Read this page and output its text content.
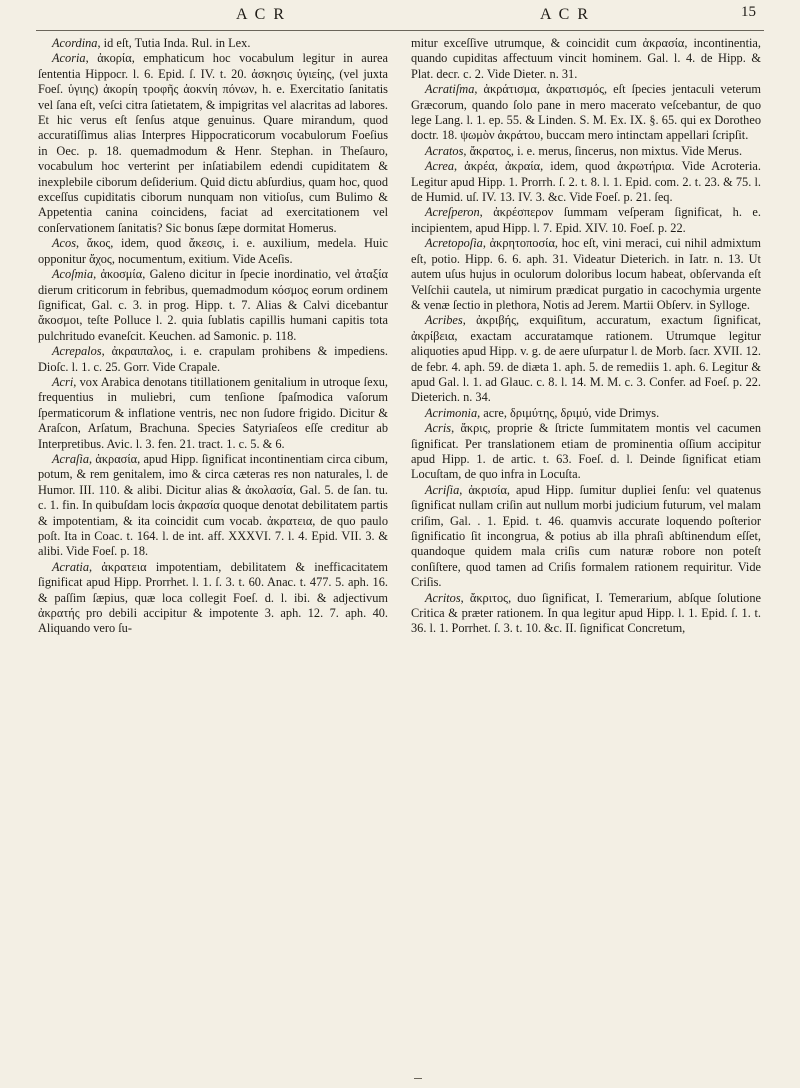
A C R	A C R	15

Acordina, id eſt, Tutia Inda. Rul. in Lex.

Acoria, ἀκορία, emphaticum hoc vocabulum legitur in aurea ſententia Hippocr. l. 6. Epid. ſ. IV. t. 20. ἀσκησις ὑγιείης, (vel juxta Foeſ. ὑγιης) ἀκορίη τροφῆς ἀοκνίη πόνων, h. e. Exercitatio ſanitatis vel ſana eſt, veſci citra ſatietatem, & impigritas vel alacritas ad labores. Et hic verus eſt ſenſus atque genuinus. Quare mirandum, quod accuratiſſimus alias Interpres Hippocraticorum vocabulorum Foeſius in Oec. p. 18. quemadmodum & Henr. Stephan. in Theſauro, vocabulum hoc verterint per inſatiabilem edendi cupiditatem & inexplebile ciborum deſiderium. Quid dictu abſurdius, quam hoc, quod exceſſus cupiditatis ciborum nunquam non vitioſus, cum Bulimo & Appetentia canina coincidens, faciat ad exercitationem vel conſervationem ſanitatis? Sic bonus ſæpe dormitat Homerus.

Acos, ἄκος, idem, quod ἄκεσις, i. e. auxilium, medela. Huic opponitur ἄχος, nocumentum, exitium. Vide Aceſis.

Acoſmia, ἀκοσμία, Galeno dicitur in ſpecie inordinatio, vel ἀταξία dierum criticorum in febribus, quemadmodum κόσμος eorum ordinem ſignificat, Gal. c. 3. in prog. Hipp. t. 7. Alias & Calvi dicebantur ἄκοσμοι, teſte Polluce l. 2. quia ſublatis capillis humani capitis tota pulchritudo evaneſcit. Keuchen. ad Samonic. p. 118.

Acrepalos, ἀκραιπαλος, i. e. crapulam prohibens & impediens. Dioſc. l. 1. c. 25. Gorr. Vide Crapale.

Acri, vox Arabica denotans titillationem genitalium in utroque ſexu, frequentius in muliebri, cum tenſione ſpaſmodica vaſorum ſpermaticorum & inflatione ventris, nec non ſudore frigido. Dicitur & Araſcon, Arſatum, Brachuna. Species Satyriaſeos eſſe creditur ab Interpretibus. Avic. l. 3. fen. 21. tract. 1. c. 5. & 6.

Acraſia, ἀκρασία, apud Hipp. ſignificat incontinentiam circa cibum, potum, & rem genitalem, imo & circa cæteras res non naturales, l. de Humor. III. 110. & alibi. Dicitur alias & ἀκολασία, Gal. 5. de ſan. tu. c. 1. fin. In quibuſdam locis ἀκρασία quoque denotat debilitatem partis & impotentiam, & ita coincidit cum vocab. ἀκρατεια, de quo paulo poſt. Ita in Coac. t. 164. l. de int. aff. XXXVI. 7. l. 4. Epid. VII. 3. & alibi. Vide Foeſ. p. 18.

Acratia, ἀκρατεια impotentiam, debilitatem & inefficacitatem ſignificat apud Hipp. Prorrhet. l. 1. ſ. 3. t. 60. Anac. t. 477. 5. aph. 16. & paſſim ſæpius, quæ loca collegit Foeſ. d. l. ibi. & adjectivum ἀκρατής pro debili accipitur & impotente 3. aph. 12. 7. aph. 40. Aliquando vero ſu-

mitur exceſſive utrumque, & coincidit cum ἀκρασία, incontinentia, quando cupiditas affectuum vincit hominem. Gal. l. 4. de Hipp. & Plat. decr. c. 2. Vide Dieter. n. 31.

Acratiſma, ἀκράτισμα, ἀκρατισμός, eſt ſpecies jentaculi veterum Græcorum, quando ſolo pane in mero macerato veſcebantur, de quo lege Lang. l. 1. ep. 55. & Linden. S. M. Ex. IX. §. 65. qui ex Dorotheo doctr. 18. ψωμὸν ἀκράτου, buccam mero intinctam appellari ſcripſit.

Acratos, ἄκρατος, i. e. merus, ſincerus, non mixtus. Vide Merus.

Acrea, ἀκρέα, ἀκραία, idem, quod ἀκρωτήρια. Vide Acroteria. Legitur apud Hipp. 1. Prorrh. ſ. 2. t. 8. l. 1. Epid. com. 2. t. 23. & 75. l. de Humid. uſ. IV. 13. IV. 3. &c. Vide Foeſ. p. 21. ſeq.

Acreſperon, ἀκρέσπερον ſummam veſperam ſignificat, h. e. incipientem, apud Hipp. l. 7. Epid. XIV. 10. Foeſ. p. 22.

Acretopoſia, ἀκρητοποσία, hoc eſt, vini meraci, cui nihil admixtum eſt, potio. Hipp. 6. 6. aph. 31. Videatur Dieterich. in Iatr. n. 13. Ut autem uſus hujus in oculorum doloribus locum habeat, obſervanda eſt Velſchii cautela, ut nimirum prædicat purgatio in cacochymia urgente & venæ ſectio in plethora, Notis ad Jerem. Martii Obſerv. in Sylloge.

Acribes, ἀκριβής, exquiſitum, accuratum, exactum ſignificat, ἀκρίβεια, exactam accuratamque rationem. Utrumque legitur aliquoties apud Hipp. v. g. de aere uſurpatur l. de Morb. ſacr. XVII. 12. de febr. 4. aph. 59. de diæta 1. aph. 5. de remediis 1. aph. 6. Legitur & apud Gal. l. 1. ad Glauc. c. 8. l. 14. M. M. c. 3. Confer. ad Foeſ. p. 22. Dieterich. n. 34.

Acrimonia, acre, δριμύτης, δριμύ, vide Drimys.

Acris, ἄκρις, proprie & ſtricte ſummitatem montis vel cacumen ſignificat. Per translationem etiam de prominentia oſſium accipitur apud Hipp. 1. de artic. t. 63. Foeſ. d. l. Deinde ſignificat etiam Locuſtam, de quo infra in Locuſta.

Acriſia, ἀκρισία, apud Hipp. ſumitur dupliei ſenſu: vel quatenus ſignificat nullam criſin aut nullum morbi judicium futurum, vel malam criſim, Gal. . 1. Epid. t. 46. quamvis accurate loquendo poſterior ſignificatio ſit incongrua, & potius ab illa phraſi abſtinendum eſſet, quandoque quidem mala criſis cum naturæ robore non poteſt conſiſtere, quod tamen ad Criſis formalem rationem requiritur. Vide Criſis.

Acritos, ἄκριτος, duo ſignificat, I. Temerarium, abſque ſolutione Critica & præter rationem. In qua legitur apud Hipp. l. 1. Epid. ſ. 1. t. 36. l. 1. Porrhet. ſ. 3. t. 10. &c. II. ſignificat Concretum,
